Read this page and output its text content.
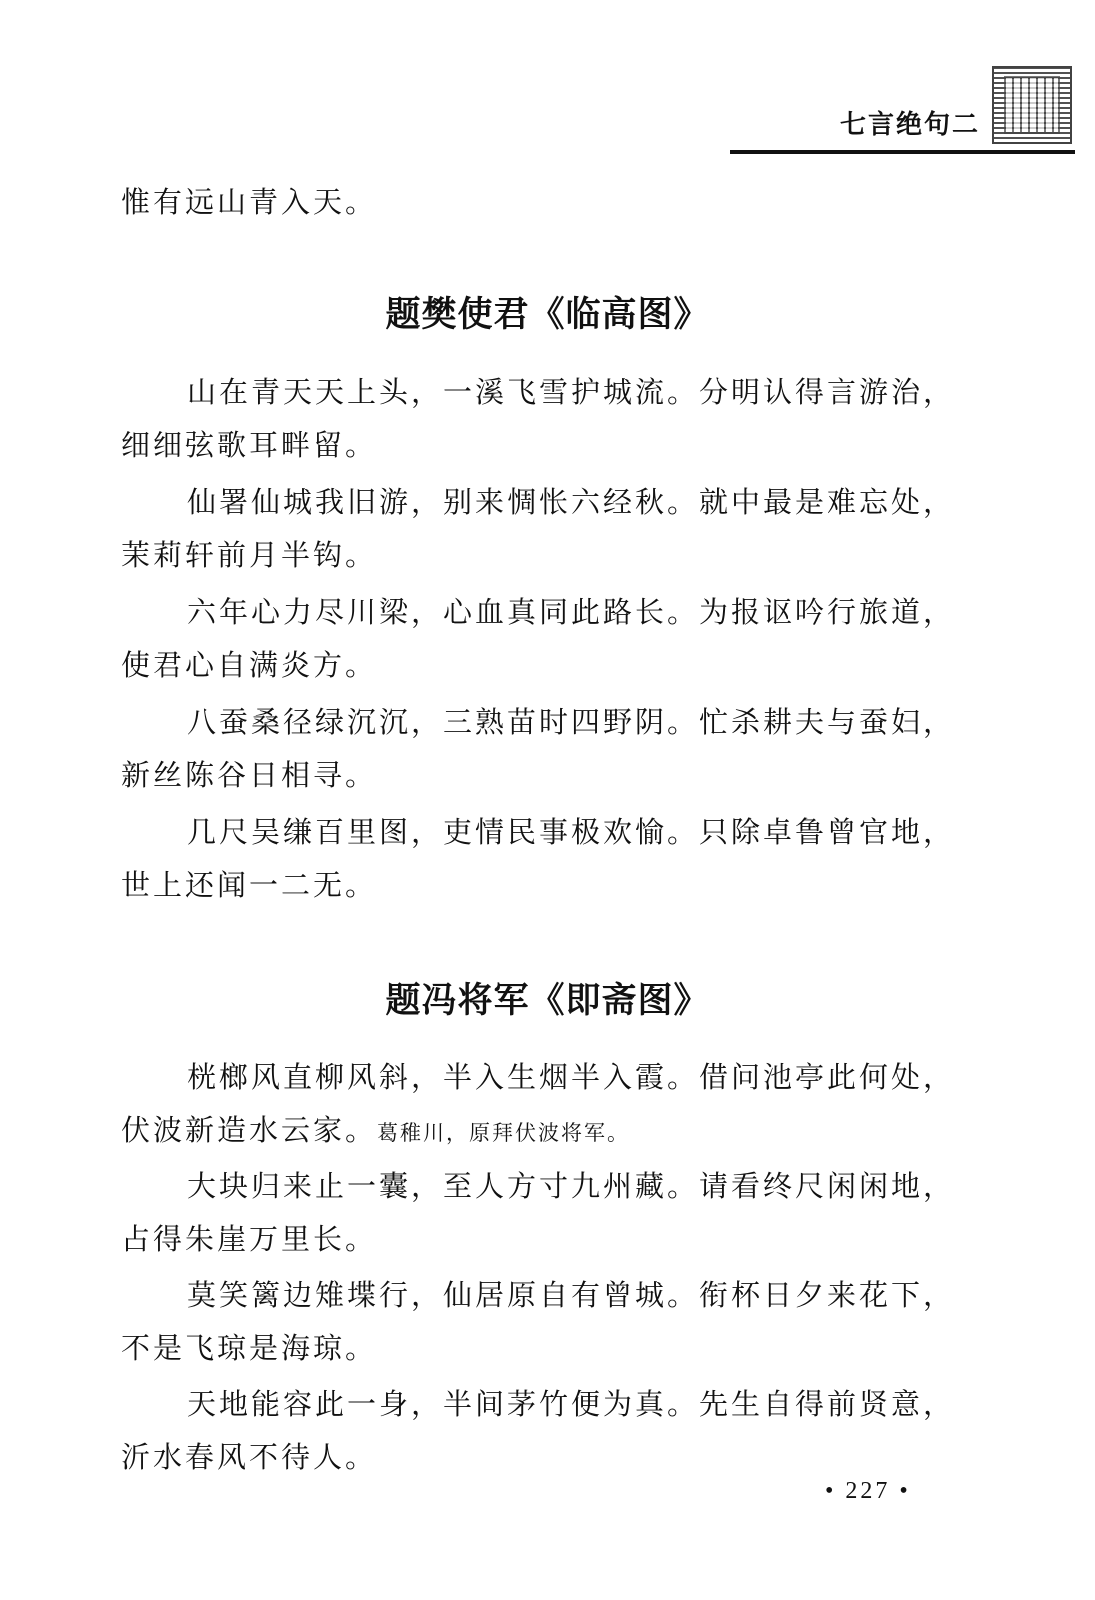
七言绝句二
惟有远山青入天。
题樊使君《临高图》
山在青天天上头，一溪飞雪护城流。分明认得言游治，
细细弦歌耳畔留。
仙署仙城我旧游，别来惆怅六经秋。就中最是难忘处，
茉莉轩前月半钩。
六年心力尽川梁，心血真同此路长。为报讴吟行旅道，
使君心自满炎方。
八蚕桑径绿沉沉，三熟苗时四野阴。忙杀耕夫与蚕妇，
新丝陈谷日相寻。
几尺吴缣百里图，吏情民事极欢愉。只除卓鲁曾官地，
世上还闻一二无。
题冯将军《即斋图》
桄榔风直柳风斜，半入生烟半入霞。借问池亭此何处，
伏波新造水云家。葛稚川，原拜伏波将军。
大块归来止一囊，至人方寸九州藏。请看终尺闲闲地，
占得朱崖万里长。
莫笑篱边雉堞行，仙居原自有曾城。衔杯日夕来花下，
不是飞琼是海琼。
天地能容此一身，半间茅竹便为真。先生自得前贤意，
沂水春风不待人。
• 227 •
